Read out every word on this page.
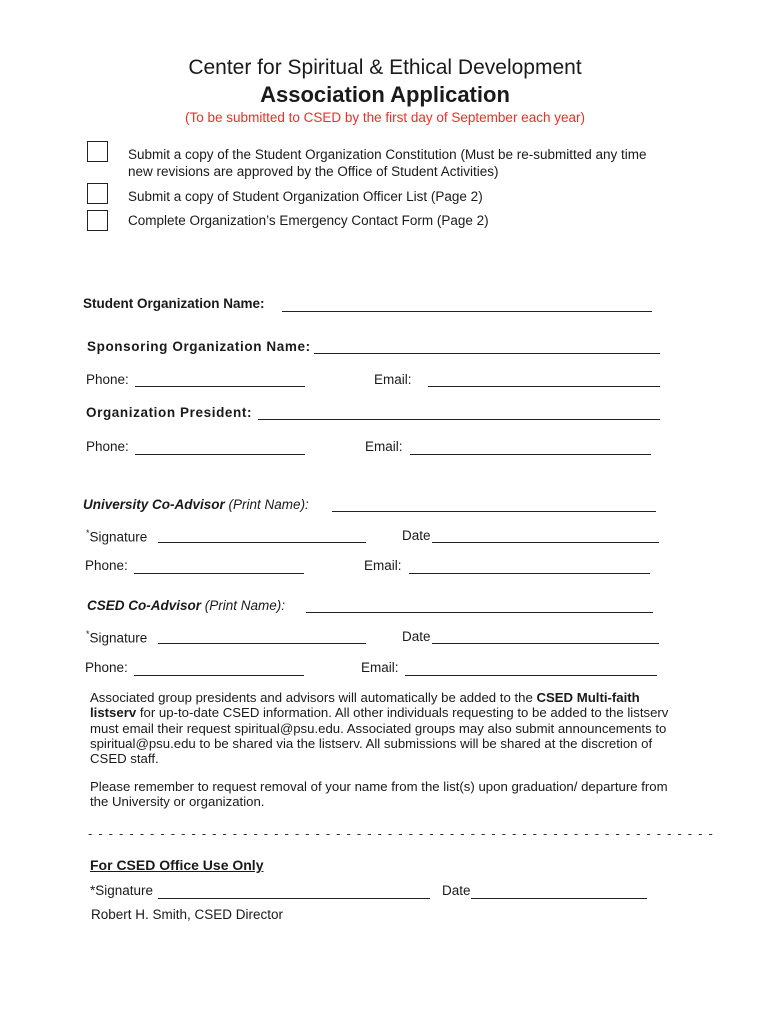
Center for Spiritual & Ethical Development
Association Application
(To be submitted to CSED by the first day of September each year)
Submit a copy of the Student Organization Constitution (Must be re-submitted any time new revisions are approved by the Office of Student Activities)
Submit a copy of Student Organization Officer List (Page 2)
Complete Organization’s Emergency Contact Form (Page 2)
Student Organization Name:
Sponsoring Organization Name:
Phone:	Email:
Organization President:
Phone:	Email:
University Co-Advisor (Print Name):
*Signature	Date
Phone:	Email:
CSED Co-Advisor (Print Name):
*Signature	Date
Phone:	Email:
Associated group presidents and advisors will automatically be added to the CSED Multi-faith listserv for up-to-date CSED information. All other individuals requesting to be added to the listserv must email their request spiritual@psu.edu. Associated groups may also submit announcements to spiritual@psu.edu to be shared via the listserv. All submissions will be shared at the discretion of CSED staff.
Please remember to request removal of your name from the list(s) upon graduation/ departure from the University or organization.
- - - - - - - - - - - - - - - - - - - - - - - - - - - - - - - - - - - - - - - - - - - - - - - - - - - - - - - - - - - - -
For CSED Office Use Only
*Signature	Date
Robert H. Smith, CSED Director
